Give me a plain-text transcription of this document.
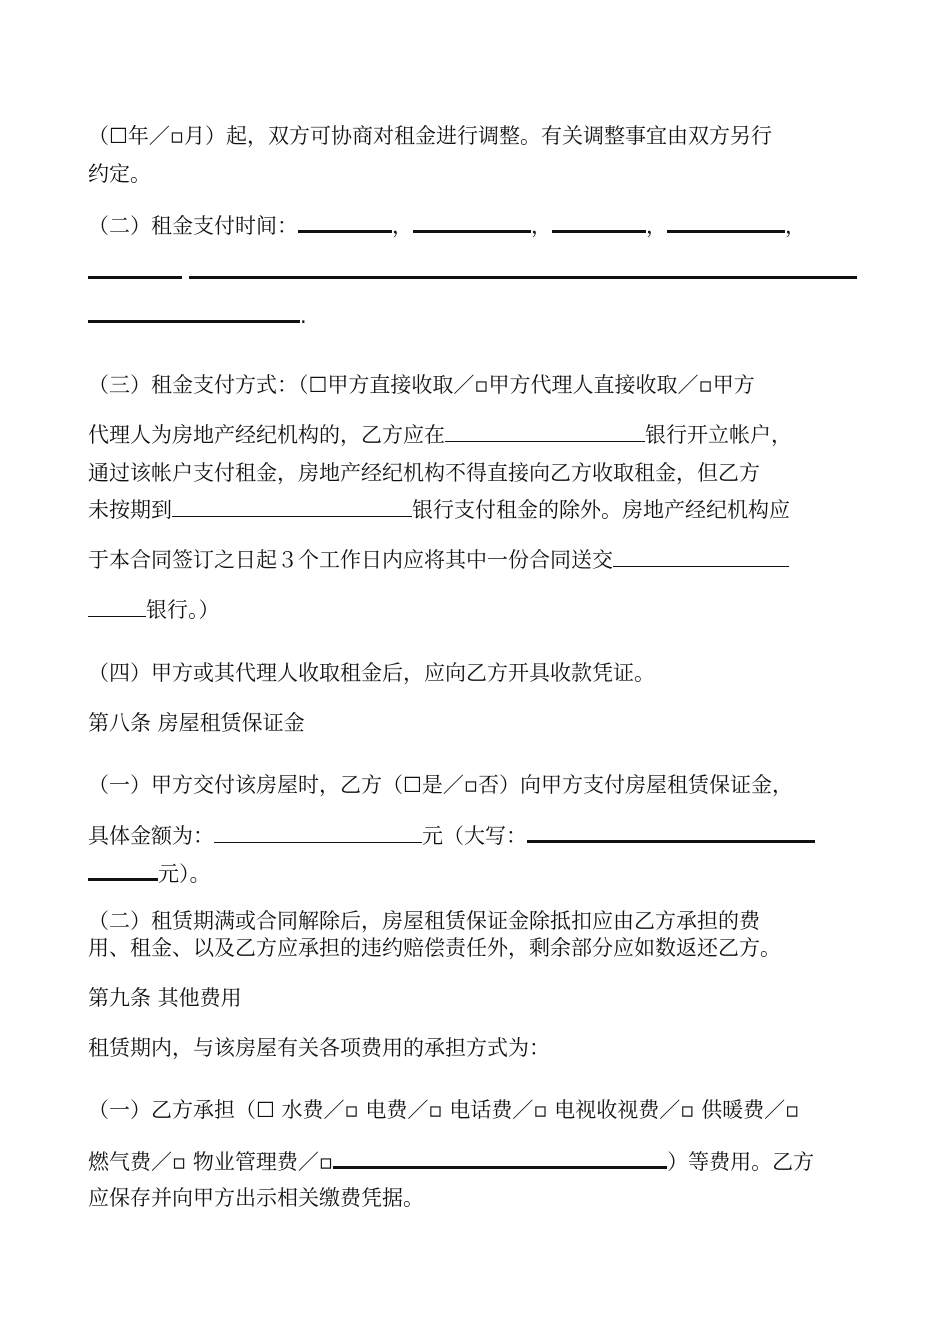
（☐年／▫月）起，双方可协商对租金进行调整。有关调整事宜由双方另行
约定。
（二）租金支付时间：	，	，	，	，

.
（三）租金支付方式：（☐甲方直接收取／▫甲方代理人直接收取／▫甲方
代理人为房地产经纪机构的，乙方应在	银行开立帐户，
通过该帐户支付租金，房地产经纪机构不得直接向乙方收取租金，但乙方
未按期到	银行支付租金的除外。房地产经纪机构应
于本合同签订之日起３个工作日内应将其中一份合同送交
银行。）
（四）甲方或其代理人收取租金后，应向乙方开具收款凭证。
第八条 房屋租赁保证金
（一）甲方交付该房屋时，乙方（☐是／▫否）向甲方支付房屋租赁保证金，
具体金额为：	元（大写：
元）。
（二）租赁期满或合同解除后，房屋租赁保证金除抵扣应由乙方承担的费
用、租金、以及乙方应承担的违约赔偿责任外，剩余部分应如数返还乙方。
第九条 其他费用
租赁期内，与该房屋有关各项费用的承担方式为：
（一）乙方承担（☐ 水费／▫ 电费／▫ 电话费／▫ 电视收视费／▫ 供暖费／▫
燃气费／▫ 物业管理费／▫	）等费用。乙方
应保存并向甲方出示相关缴费凭据。
